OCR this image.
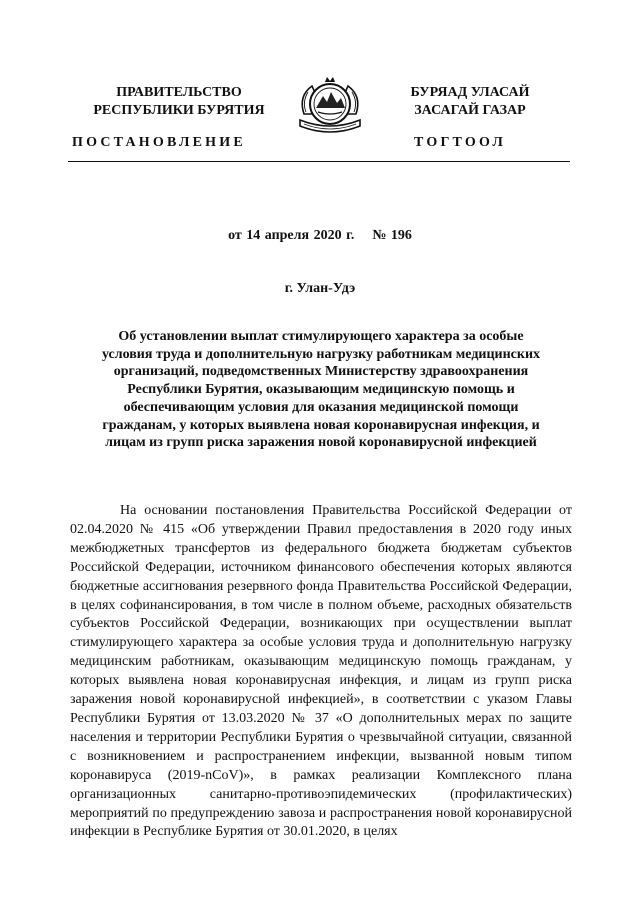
ПРАВИТЕЛЬСТВО
РЕСПУБЛИКИ БУРЯТИЯ
БУРЯАД УЛАСАЙ
ЗАСАГАЙ ГАЗАР
ПОСТАНОВЛЕНИЕ	ТОГТООЛ
от 14 апреля 2020 г.    № 196
г. Улан-Удэ
Об установлении выплат стимулирующего характера за особые условия труда и дополнительную нагрузку работникам медицинских организаций, подведомственных Министерству здравоохранения Республики Бурятия, оказывающим медицинскую помощь и обеспечивающим условия для оказания медицинской помощи гражданам, у которых выявлена новая коронавирусная инфекция, и лицам из групп риска заражения новой коронавирусной инфекцией

На основании постановления Правительства Российской Федерации от 02.04.2020 № 415 «Об утверждении Правил предоставления в 2020 году иных межбюджетных трансфертов из федерального бюджета бюджетам субъектов Российской Федерации, источником финансового обеспечения которых являются бюджетные ассигнования резервного фонда Правительства Российской Федерации, в целях софинансирования, в том числе в полном объеме, расходных обязательств субъектов Российской Федерации, возникающих при осуществлении выплат стимулирующего характера за особые условия труда и дополнительную нагрузку медицинским работникам, оказывающим медицинскую помощь гражданам, у которых выявлена новая коронавирусная инфекция, и лицам из групп риска заражения новой коронавирусной инфекцией», в соответствии с указом Главы Республики Бурятия от 13.03.2020 № 37 «О дополнительных мерах по защите населения и территории Республики Бурятия о чрезвычайной ситуации, связанной с возникновением и распространением инфекции, вызванной новым типом коронавируса (2019-nCoV)», в рамках реализации Комплексного плана организационных санитарно-противоэпидемических (профилактических) мероприятий по предупреждению завоза и распространения новой коронавирусной инфекции в Республике Бурятия от 30.01.2020, в целях
